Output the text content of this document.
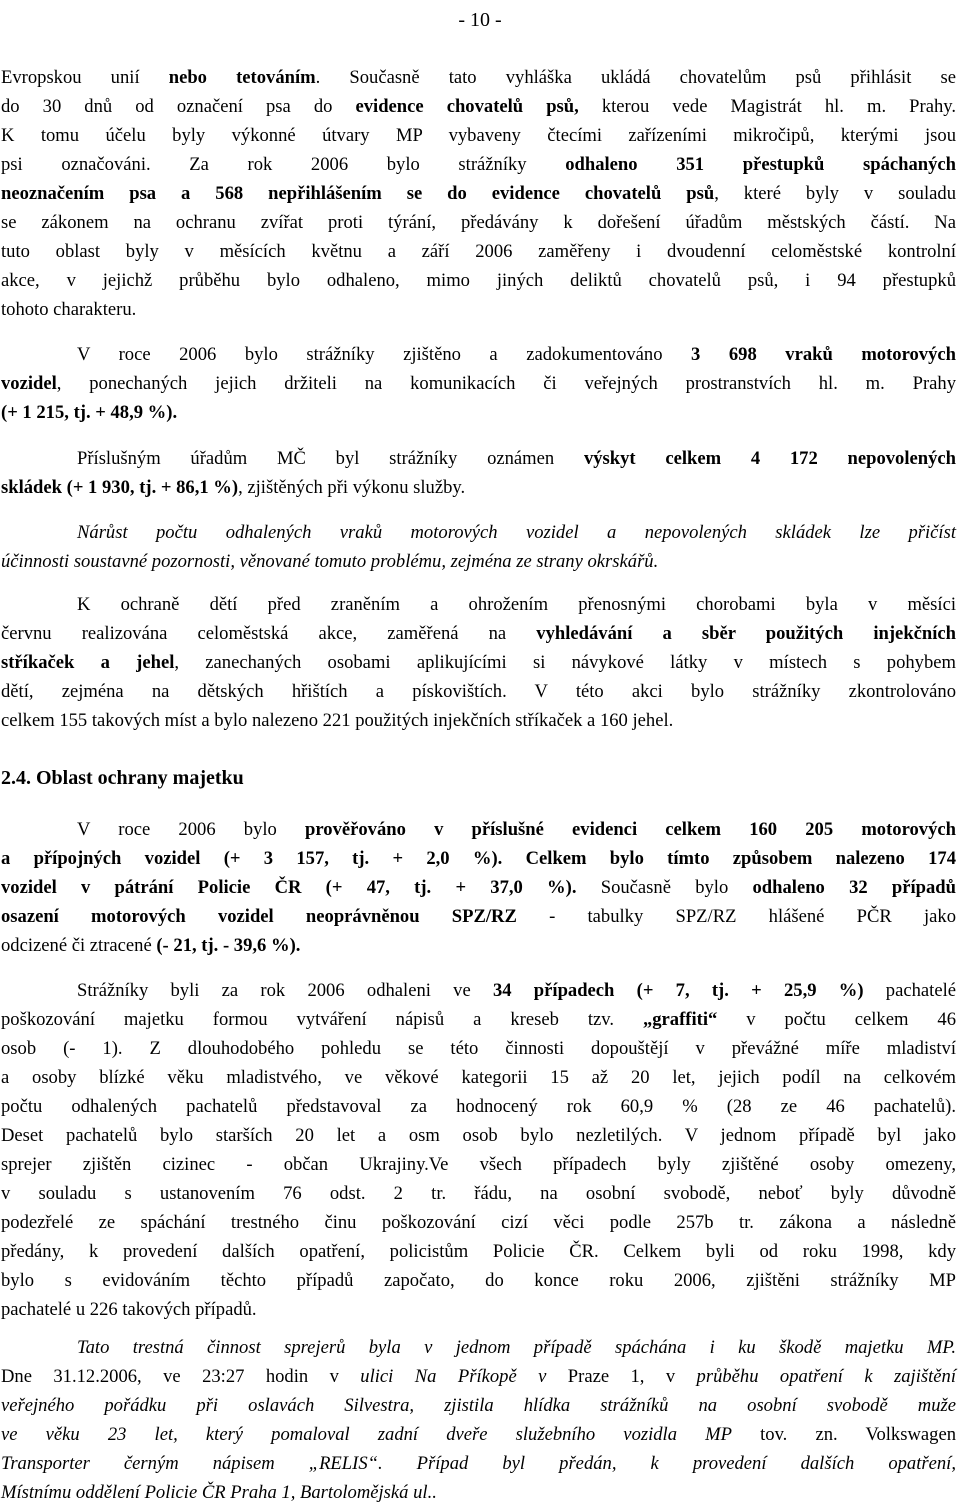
- 10 -
Evropskou unií nebo tetováním. Současně tato vyhláška ukládá chovatelům psů přihlásit se
do 30 dnů od označení psa do evidence chovatelů psů, kterou vede Magistrát hl. m. Prahy.
K tomu účelu byly výkonné útvary MP vybaveny čtecími zařízeními mikročipů, kterými jsou
psi označováni. Za rok 2006 bylo strážníky odhaleno 351 přestupků spáchaných
neoznačením psa a 568 nepřihlášením se do evidence chovatelů psů, které byly v souladu
se zákonem na ochranu zvířat proti týrání, předávány k dořešení úřadům městských částí. Na
tuto oblast byly v měsících květnu a září 2006 zaměřeny i dvoudenní celoměstské kontrolní
akce, v jejichž průběhu bylo odhaleno, mimo jiných deliktů chovatelů psů, i 94 přestupků
tohoto charakteru.
V roce 2006 bylo strážníky zjištěno a zadokumentováno 3 698 vraků motorových
vozidel, ponechaných jejich držiteli na komunikacích či veřejných prostranstvích hl. m. Prahy
(+ 1 215, tj. + 48,9 %).
Příslušným úřadům MČ byl strážníky oznámen výskyt celkem 4 172 nepovolených
skládek (+ 1 930, tj. + 86,1 %), zjištěných při výkonu služby.
Nárůst počtu odhalených vraků motorových vozidel a nepovolených skládek lze přičíst
účinnosti soustavné pozornosti, věnované tomuto problému, zejména ze strany okrskářů.
K ochraně dětí před zraněním a ohrožením přenosnými chorobami byla v měsíci
červnu realizována celoměstská akce, zaměřená na vyhledávání a sběr použitých injekčních
stříkaček a jehel, zanechaných osobami aplikujícími si návykové látky v místech s pohybem
dětí, zejména na dětských hřištích a pískovištích. V této akci bylo strážníky zkontrolováno
celkem 155 takových míst a bylo nalezeno 221 použitých injekčních stříkaček a 160 jehel.
V roce 2006 bylo prověřováno v příslušné evidenci celkem 160 205 motorových
a přípojných vozidel (+ 3 157, tj. + 2,0 %). Celkem bylo tímto způsobem nalezeno 174
vozidel v pátrání Policie ČR (+ 47, tj. + 37,0 %). Současně bylo odhaleno 32 případů
osazení motorových vozidel neoprávněnou SPZ/RZ - tabulky SPZ/RZ hlášené PČR jako
odcizené či ztracené (- 21, tj. - 39,6 %).
Strážníky byli za rok 2006 odhaleni ve 34 případech (+ 7, tj. + 25,9 %) pachatelé
poškozování majetku formou vytváření nápisů a kreseb tzv. „graffiti“ v počtu celkem 46
osob (- 1). Z dlouhodobého pohledu se této činnosti dopouštějí v převážné míře mladiství
a osoby blízké věku mladistvého, ve věkové kategorii 15 až 20 let, jejich podíl na celkovém
počtu odhalených pachatelů představoval za hodnocený rok 60,9 % (28 ze 46 pachatelů).
Deset pachatelů bylo starších 20 let a osm osob bylo nezletilých. V jednom případě byl jako
sprejer zjištěn cizinec - občan Ukrajiny.Ve všech případech byly zjištěné osoby omezeny,
v souladu s ustanovením 76 odst. 2 tr. řádu, na osobní svobodě, neboť byly důvodně
podezřelé ze spáchání trestného činu poškozování cizí věci podle 257b tr. zákona a následně
předány, k provedení dalších opatření, policistům Policie ČR. Celkem byli od roku 1998, kdy
bylo s evidováním těchto případů započato, do konce roku 2006, zjištěni strážníky MP
pachatelé u 226 takových případů.
Tato trestná činnost sprejerů byla v jednom případě spáchána i ku škodě majetku MP.
Dne 31.12.2006, ve 23:27 hodin v ulici Na Příkopě v Praze 1, v průběhu opatření k zajištění
veřejného pořádku při oslavách Silvestra, zjistila hlídka strážníků na osobní svobodě muže
ve věku 23 let, který pomaloval zadní dveře služebního vozidla MP tov. zn. Volkswagen
Transporter černým nápisem „RELIS“. Případ byl předán, k provedení dalších opatření,
Místnímu oddělení Policie ČR Praha 1, Bartolomějská ul..
2.4. Oblast ochrany majetku
